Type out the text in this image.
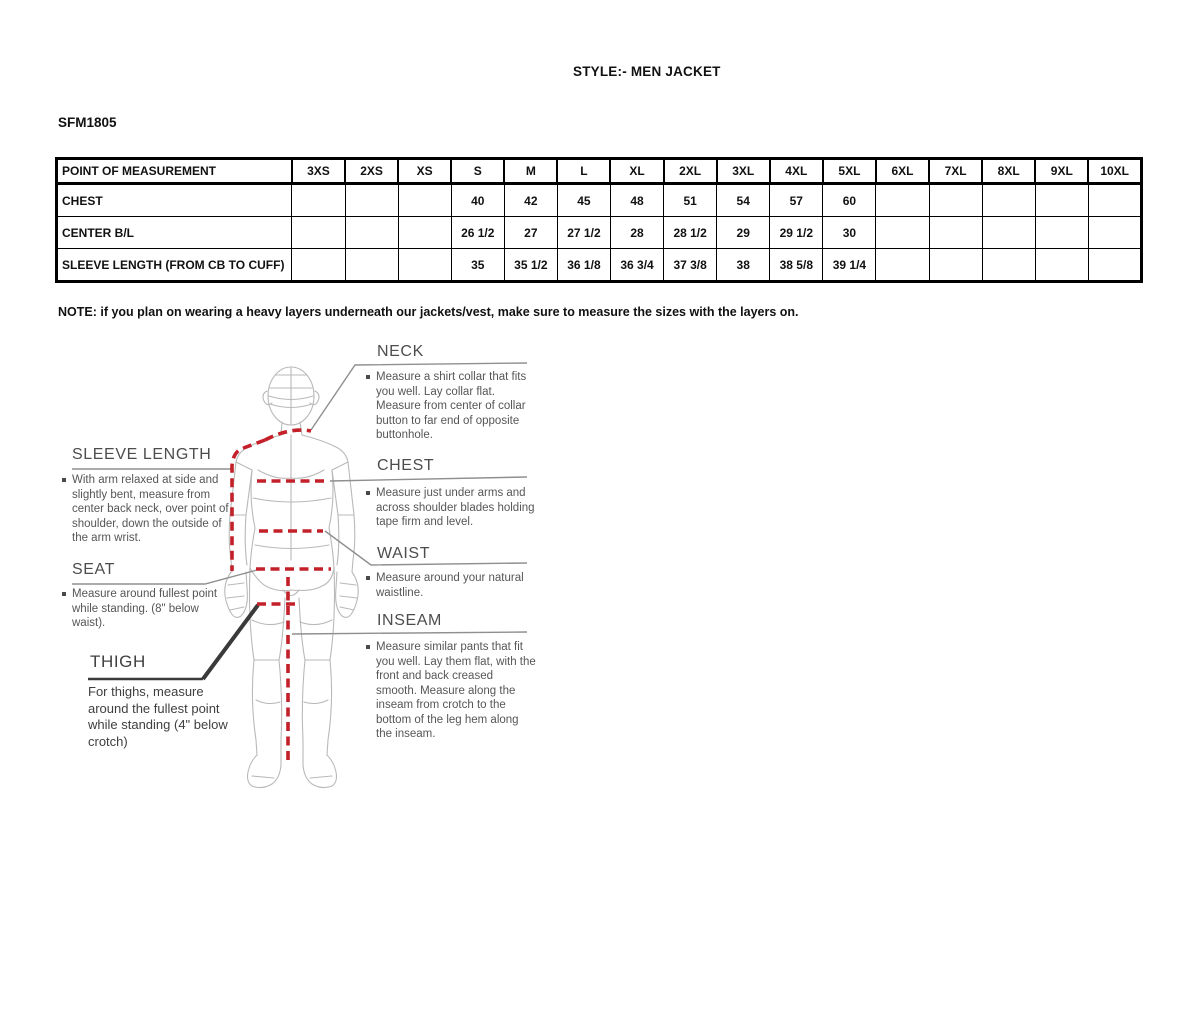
STYLE:- MEN JACKET
SFM1805
POINT OF MEASUREMENT	3XS	2XS	XS	S	M	L	XL	2XL	3XL	4XL	5XL	6XL	7XL	8XL	9XL	10XL
CHEST				40	42	45	48	51	54	57	60					
CENTER B/L				26 1/2	27	27 1/2	28	28 1/2	29	29 1/2	30					
SLEEVE LENGTH (FROM CB TO CUFF)				35	35 1/2	36 1/8	36 3/4	37 3/8	38	38 5/8	39 1/4					
NOTE: if you plan on wearing a heavy layers underneath our jackets/vest, make sure to measure the sizes with the layers on.
SLEEVE LENGTH
SEAT
THIGH
NECK
CHEST
WAIST
INSEAM
With arm relaxed at side and slightly bent, measure from center back neck, over point of shoulder, down the outside of the arm wrist.
Measure around fullest point while standing. (8" below waist).
For thighs, measure around the fullest point while standing (4" below crotch)
Measure a shirt collar that fits you well. Lay collar flat. Measure from center of collar button to far end of opposite buttonhole.
Measure just under arms and across shoulder blades holding tape firm and level.
Measure around your natural waistline.
Measure similar pants that fit you well. Lay them flat, with the front and back creased smooth. Measure along the inseam from crotch to the bottom of the leg hem along the inseam.
